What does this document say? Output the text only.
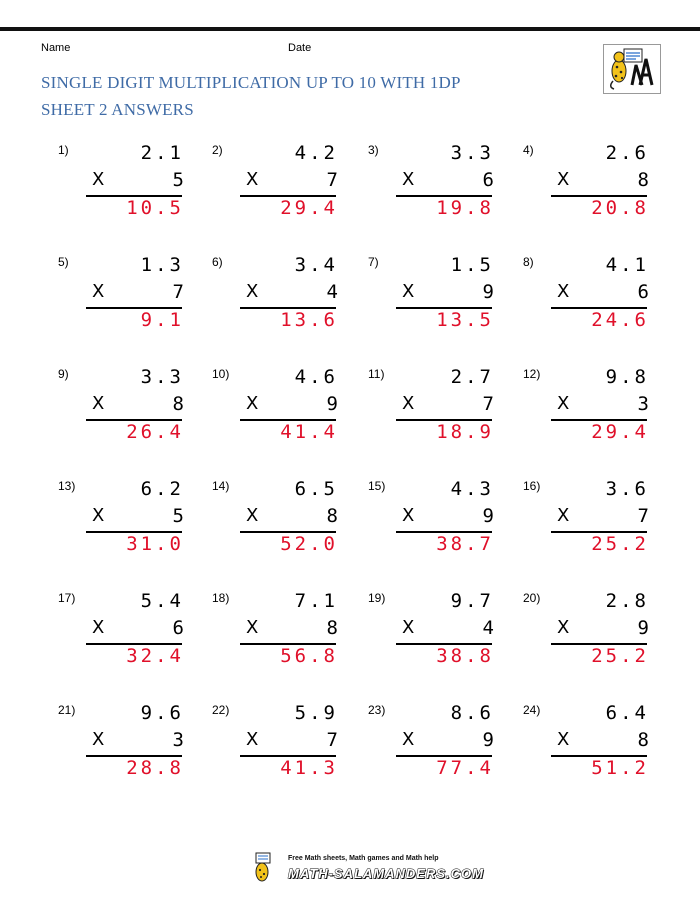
Name	Date
SINGLE DIGIT MULTIPLICATION UP TO 10 WITH 1DP
SHEET 2 ANSWERS
1)	2.1
X	5
10.5
2)	4.2
X	7
29.4
3)	3.3
X	6
19.8
4)	2.6
X	8
20.8
5)	1.3
X	7
9.1
6)	3.4
X	4
13.6
7)	1.5
X	9
13.5
8)	4.1
X	6
24.6
9)	3.3
X	8
26.4
10)	4.6
X	9
41.4
11)	2.7
X	7
18.9
12)	9.8
X	3
29.4
13)	6.2
X	5
31.0
14)	6.5
X	8
52.0
15)	4.3
X	9
38.7
16)	3.6
X	7
25.2
17)	5.4
X	6
32.4
18)	7.1
X	8
56.8
19)	9.7
X	4
38.8
20)	2.8
X	9
25.2
21)	9.6
X	3
28.8
22)	5.9
X	7
41.3
23)	8.6
X	9
77.4
24)	6.4
X	8
51.2
Free Math sheets, Math games and Math help
MATH-SALAMANDERS.COM
